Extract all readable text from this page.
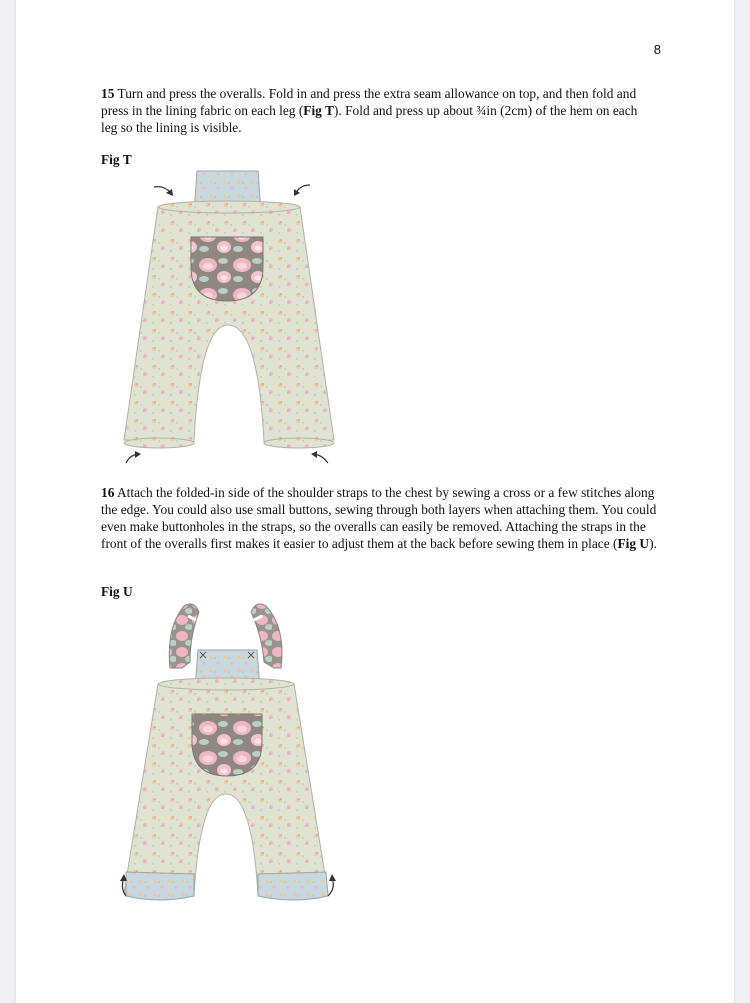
8

15 Turn and press the overalls. Fold in and press the extra seam allowance on top, and then fold and press in the lining fabric on each leg (Fig T). Fold and press up about ¾in (2cm) of the hem on each leg so the lining is visible.

Fig T

16 Attach the folded-in side of the shoulder straps to the chest by sewing a cross or a few stitches along the edge. You could also use small buttons, sewing through both layers when attaching them. You could even make buttonholes in the straps, so the overalls can easily be removed. Attaching the straps in the front of the overalls first makes it easier to adjust them at the back before sewing them in place (Fig U).

Fig U
